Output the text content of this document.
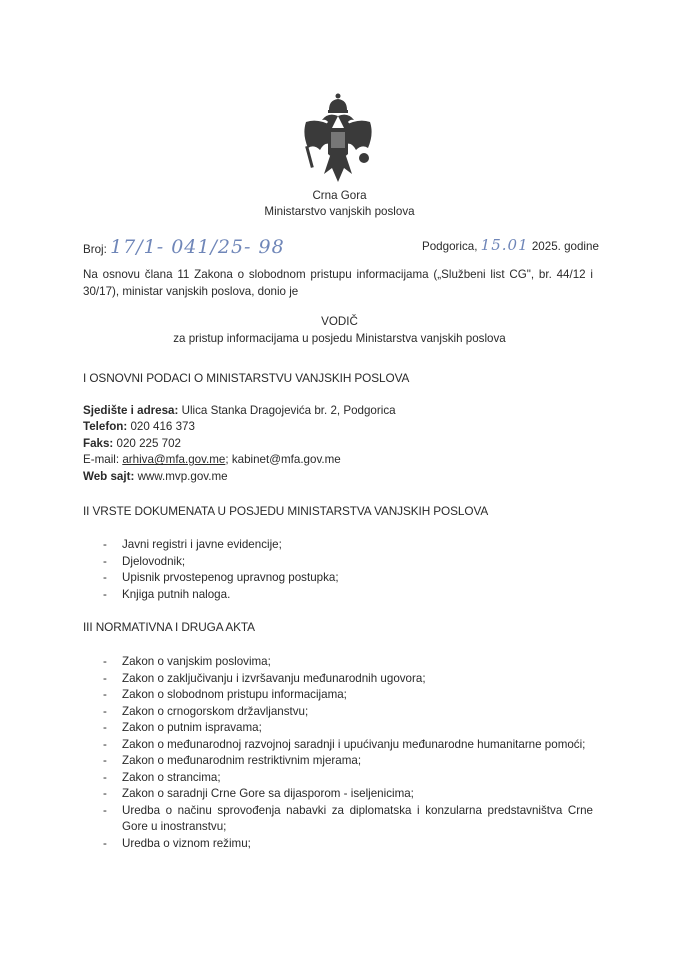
Crna Gora
Ministarstvo vanjskih poslova
Broj: 17/1- 041/25- 98	Podgorica, 15.01 2025. godine
Na osnovu člana 11 Zakona o slobodnom pristupu informacijama („Službeni list CG", br. 44/12 i 30/17), ministar vanjskih poslova, donio je
VODIČ
za pristup informacijama u posjedu Ministarstva vanjskih poslova
I OSNOVNI PODACI O MINISTARSTVU VANJSKIH POSLOVA
Sjedište i adresa: Ulica Stanka Dragojevića br. 2, Podgorica
Telefon: 020 416 373
Faks: 020 225 702
E-mail: arhiva@mfa.gov.me; kabinet@mfa.gov.me
Web sajt: www.mvp.gov.me
II VRSTE DOKUMENATA U POSJEDU MINISTARSTVA VANJSKIH POSLOVA
- Javni registri i javne evidencije;
- Djelovodnik;
- Upisnik prvostepenog upravnog postupka;
- Knjiga putnih naloga.
III NORMATIVNA I DRUGA AKTA
- Zakon o vanjskim poslovima;
- Zakon o zaključivanju i izvršavanju međunarodnih ugovora;
- Zakon o slobodnom pristupu informacijama;
- Zakon o crnogorskom državljanstvu;
- Zakon o putnim ispravama;
- Zakon o međunarodnoj razvojnoj saradnji i upućivanju međunarodne humanitarne pomoći;
- Zakon o međunarodnim restriktivnim mjerama;
- Zakon o strancima;
- Zakon o saradnji Crne Gore sa dijasporom - iseljenicima;
- Uredba o načinu sprovođenja nabavki za diplomatska i konzularna predstavništva Crne Gore u inostranstvu;
- Uredba o viznom režimu;
